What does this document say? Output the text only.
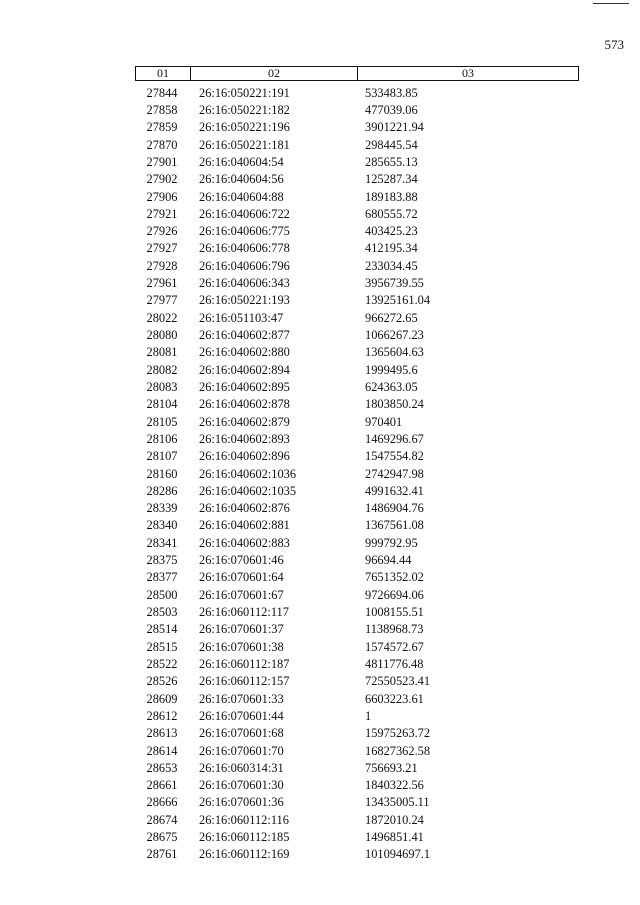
573
01	02	03
27844	26:16:050221:191	533483.85
27858	26:16:050221:182	477039.06
27859	26:16:050221:196	3901221.94
27870	26:16:050221:181	298445.54
27901	26:16:040604:54	285655.13
27902	26:16:040604:56	125287.34
27906	26:16:040604:88	189183.88
27921	26:16:040606:722	680555.72
27926	26:16:040606:775	403425.23
27927	26:16:040606:778	412195.34
27928	26:16:040606:796	233034.45
27961	26:16:040606:343	3956739.55
27977	26:16:050221:193	13925161.04
28022	26:16:051103:47	966272.65
28080	26:16:040602:877	1066267.23
28081	26:16:040602:880	1365604.63
28082	26:16:040602:894	1999495.6
28083	26:16:040602:895	624363.05
28104	26:16:040602:878	1803850.24
28105	26:16:040602:879	970401
28106	26:16:040602:893	1469296.67
28107	26:16:040602:896	1547554.82
28160	26:16:040602:1036	2742947.98
28286	26:16:040602:1035	4991632.41
28339	26:16:040602:876	1486904.76
28340	26:16:040602:881	1367561.08
28341	26:16:040602:883	999792.95
28375	26:16:070601:46	96694.44
28377	26:16:070601:64	7651352.02
28500	26:16:070601:67	9726694.06
28503	26:16:060112:117	1008155.51
28514	26:16:070601:37	1138968.73
28515	26:16:070601:38	1574572.67
28522	26:16:060112:187	4811776.48
28526	26:16:060112:157	72550523.41
28609	26:16:070601:33	6603223.61
28612	26:16:070601:44	1
28613	26:16:070601:68	15975263.72
28614	26:16:070601:70	16827362.58
28653	26:16:060314:31	756693.21
28661	26:16:070601:30	1840322.56
28666	26:16:070601:36	13435005.11
28674	26:16:060112:116	1872010.24
28675	26:16:060112:185	1496851.41
28761	26:16:060112:169	101094697.1
